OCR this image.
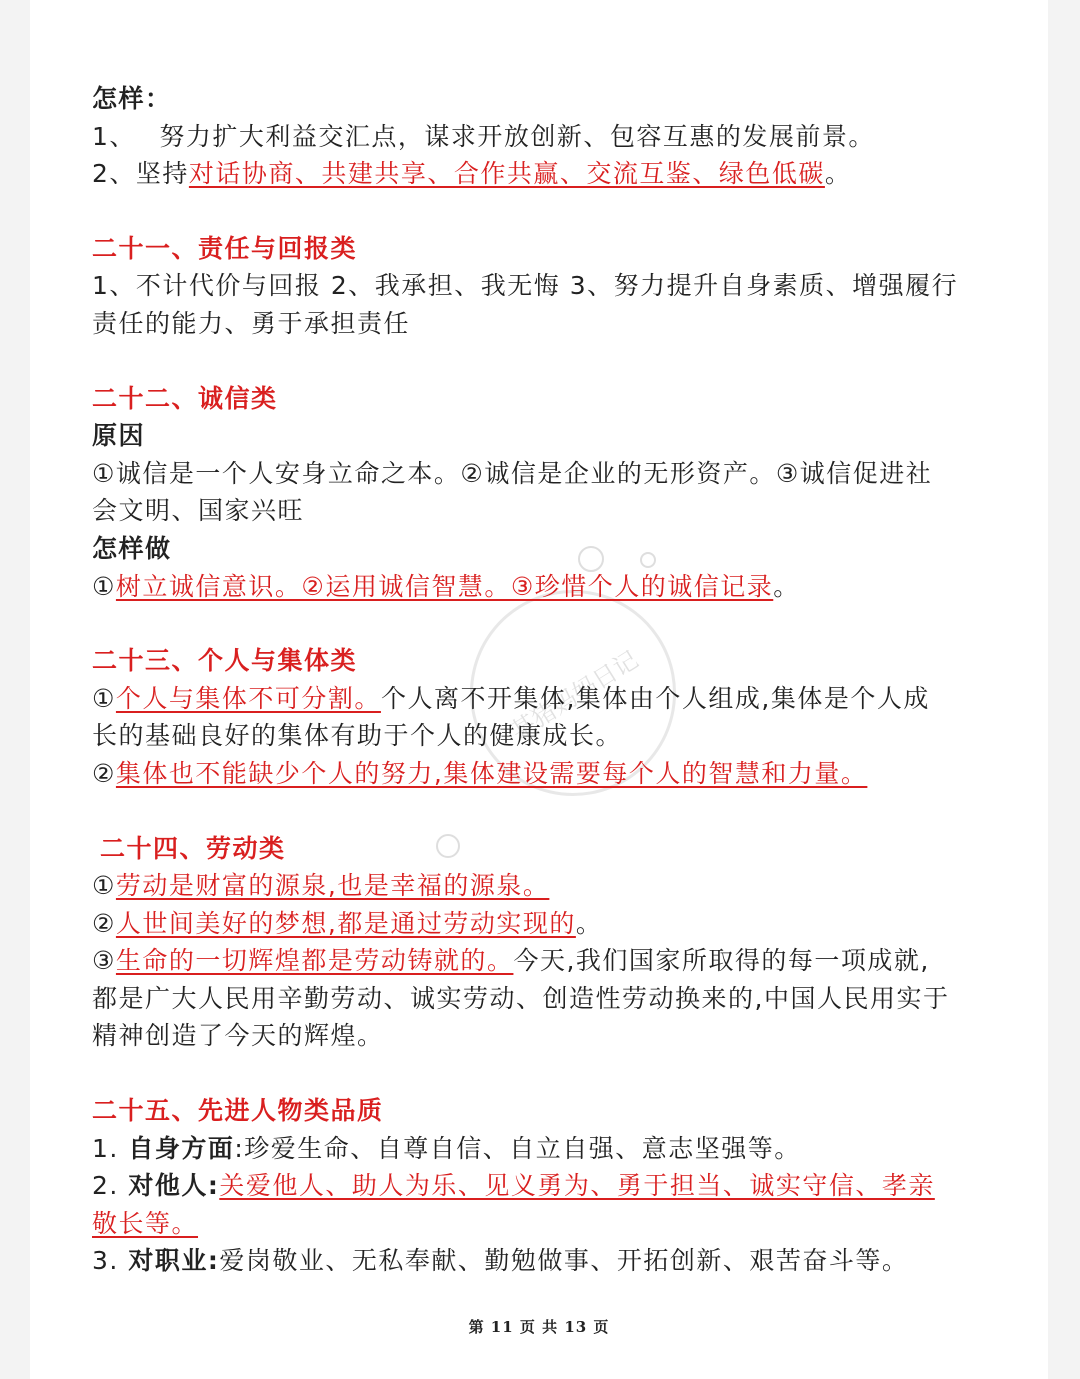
某猪妈妈日记
怎样：
1、　 努力扩大利益交汇点，谋求开放创新、包容互惠的发展前景。
2、坚持对话协商、共建共享、合作共赢、交流互鉴、绿色低碳。
二十一、责任与回报类
1、不计代价与回报 2、我承担、我无悔 3、努力提升自身素质、增强履行
责任的能力、勇于承担责任
二十二、诚信类
原因
①诚信是一个人安身立命之本。②诚信是企业的无形资产。③诚信促进社
会文明、国家兴旺
怎样做
①树立诚信意识。②运用诚信智慧。③珍惜个人的诚信记录。
二十三、个人与集体类
①个人与集体不可分割。个人离不开集体,集体由个人组成,集体是个人成
长的基础良好的集体有助于个人的健康成长。
②集体也不能缺少个人的努力,集体建设需要每个人的智慧和力量。
二十四、劳动类
①劳动是财富的源泉,也是幸福的源泉。
②人世间美好的梦想,都是通过劳动实现的。
③生命的一切辉煌都是劳动铸就的。今天,我们国家所取得的每一项成就,
都是广大人民用辛勤劳动、诚实劳动、创造性劳动换来的,中国人民用实于
精神创造了今天的辉煌。
二十五、先进人物类品质
1. 自身方面:珍爱生命、自尊自信、自立自强、意志坚强等。
2. 对他人:关爱他人、助人为乐、见义勇为、勇于担当、诚实守信、孝亲
敬长等。
3. 对职业:爱岗敬业、无私奉献、勤勉做事、开拓创新、艰苦奋斗等。
第 11 页 共 13 页
